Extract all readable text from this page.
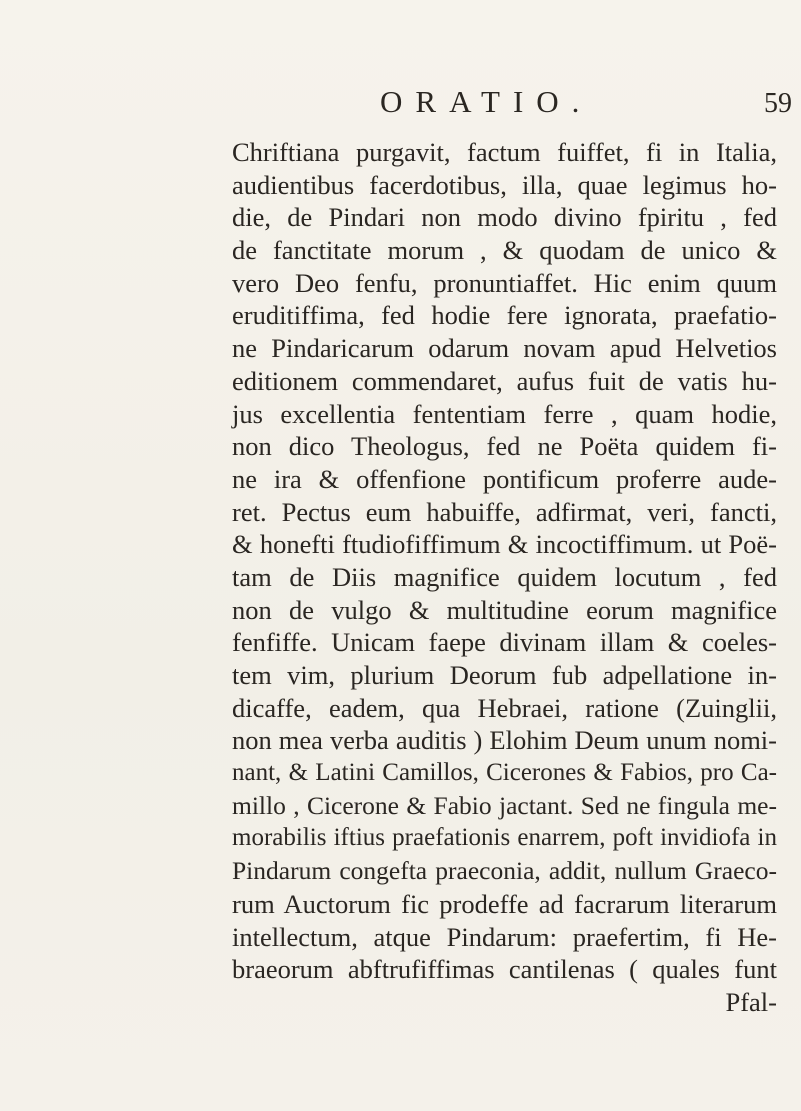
ORATIO.	59
Chriftiana purgavit, factum fuiffet, fi in Italia,
audientibus facerdotibus, illa, quae legimus ho-
die, de Pindari non modo divino fpiritu , fed
de fanctitate morum , & quodam de unico &
vero Deo fenfu, pronuntiaffet. Hic enim quum
eruditiffima, fed hodie fere ignorata, praefatio-
ne Pindaricarum odarum novam apud Helvetios
editionem commendaret, aufus fuit de vatis hu-
jus excellentia fententiam ferre , quam hodie,
non dico Theologus, fed ne Poëta quidem fi-
ne ira & offenfione pontificum proferre aude-
ret. Pectus eum habuiffe, adfirmat, veri, fancti,
& honefti ftudiofiffimum & incoctiffimum. ut Poë-
tam de Diis magnifice quidem locutum , fed
non de vulgo & multitudine eorum magnifice
fenfiffe. Unicam faepe divinam illam & coeles-
tem vim, plurium Deorum fub adpellatione in-
dicaffe, eadem, qua Hebraei, ratione (Zuinglii,
non mea verba auditis ) Elohim Deum unum nomi-
nant, & Latini Camillos, Cicerones & Fabios, pro Ca-
millo , Cicerone & Fabio jactant. Sed ne fingula me-
morabilis iftius praefationis enarrem, poft invidiofa in
Pindarum congefta praeconia, addit, nullum Graeco-
rum Auctorum fic prodeffe ad facrarum literarum
intellectum, atque Pindarum: praefertim, fi He-
braeorum abftrufiffimas cantilenas ( quales funt
Pfal-
